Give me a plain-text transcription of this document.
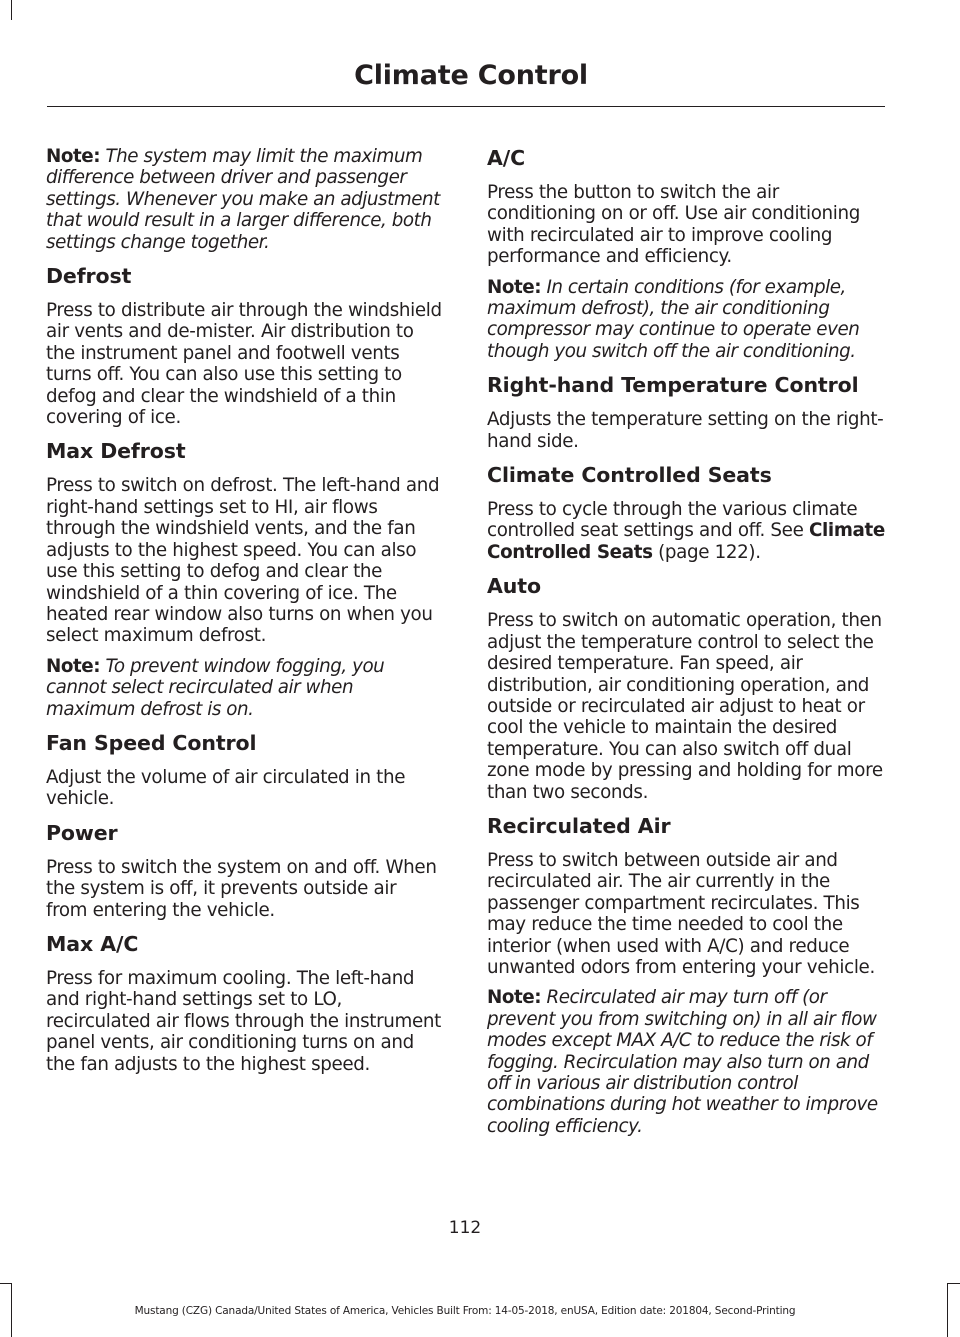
Climate Control

Note: The system may limit the maximum difference between driver and passenger settings. Whenever you make an adjustment that would result in a larger difference, both settings change together.

Defrost

Press to distribute air through the windshield air vents and de-mister. Air distribution to the instrument panel and footwell vents turns off. You can also use this setting to defog and clear the windshield of a thin covering of ice.

Max Defrost

Press to switch on defrost. The left-hand and right-hand settings set to HI, air flows through the windshield vents, and the fan adjusts to the highest speed. You can also use this setting to defog and clear the windshield of a thin covering of ice. The heated rear window also turns on when you select maximum defrost.

Note: To prevent window fogging, you cannot select recirculated air when maximum defrost is on.

Fan Speed Control

Adjust the volume of air circulated in the vehicle.

Power

Press to switch the system on and off. When the system is off, it prevents outside air from entering the vehicle.

Max A/C

Press for maximum cooling. The left-hand and right-hand settings set to LO, recirculated air flows through the instrument panel vents, air conditioning turns on and the fan adjusts to the highest speed.

A/C

Press the button to switch the air conditioning on or off. Use air conditioning with recirculated air to improve cooling performance and efficiency.

Note: In certain conditions (for example, maximum defrost), the air conditioning compressor may continue to operate even though you switch off the air conditioning.

Right-hand Temperature Control

Adjusts the temperature setting on the right-hand side.

Climate Controlled Seats

Press to cycle through the various climate controlled seat settings and off. See Climate Controlled Seats (page 122).

Auto

Press to switch on automatic operation, then adjust the temperature control to select the desired temperature. Fan speed, air distribution, air conditioning operation, and outside or recirculated air adjust to heat or cool the vehicle to maintain the desired temperature. You can also switch off dual zone mode by pressing and holding for more than two seconds.

Recirculated Air

Press to switch between outside air and recirculated air. The air currently in the passenger compartment recirculates. This may reduce the time needed to cool the interior (when used with A/C) and reduce unwanted odors from entering your vehicle.

Note: Recirculated air may turn off (or prevent you from switching on) in all air flow modes except MAX A/C to reduce the risk of fogging. Recirculation may also turn on and off in various air distribution control combinations during hot weather to improve cooling efficiency.

112

Mustang (CZG) Canada/United States of America, Vehicles Built From: 14-05-2018, enUSA, Edition date: 201804, Second-Printing
